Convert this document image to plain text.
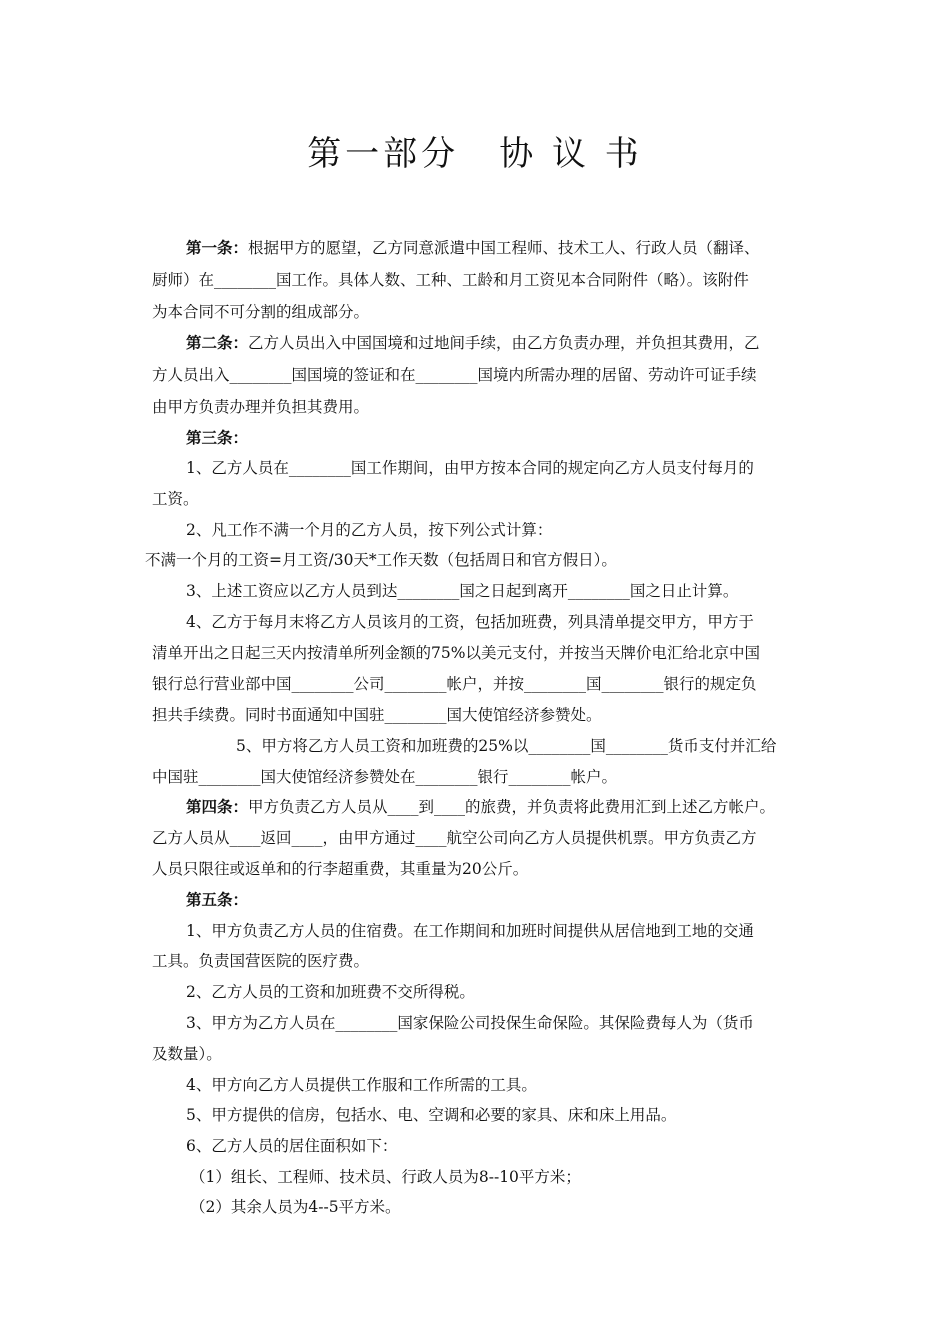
第一部分 协 议 书
第一条：根据甲方的愿望，乙方同意派遣中国工程师、技术工人、行政人员（翻译、
厨师）在________国工作。具体人数、工种、工龄和月工资见本合同附件（略）。该附件
为本合同不可分割的组成部分。
第二条：乙方人员出入中国国境和过地间手续，由乙方负责办理，并负担其费用，乙
方人员出入________国国境的签证和在________国境内所需办理的居留、劳动许可证手续
由甲方负责办理并负担其费用。
第三条：
1、乙方人员在________国工作期间，由甲方按本合同的规定向乙方人员支付每月的
工资。
2、凡工作不满一个月的乙方人员，按下列公式计算：
不满一个月的工资=月工资/30天*工作天数（包括周日和官方假日）。
3、上述工资应以乙方人员到达________国之日起到离开________国之日止计算。
4、乙方于每月末将乙方人员该月的工资，包括加班费，列具清单提交甲方，甲方于
清单开出之日起三天内按清单所列金额的75%以美元支付，并按当天牌价电汇给北京中国
银行总行营业部中国________公司________帐户，并按________国________银行的规定负
担共手续费。同时书面通知中国驻________国大使馆经济参赞处。
5、甲方将乙方人员工资和加班费的25%以________国________货币支付并汇给
中国驻________国大使馆经济参赞处在________银行________帐户。
第四条：甲方负责乙方人员从____到____的旅费，并负责将此费用汇到上述乙方帐户。
乙方人员从____返回____，由甲方通过____航空公司向乙方人员提供机票。甲方负责乙方
人员只限往或返单和的行李超重费，其重量为20公斤。
第五条：
1、甲方负责乙方人员的住宿费。在工作期间和加班时间提供从居信地到工地的交通
工具。负责国营医院的医疗费。
2、乙方人员的工资和加班费不交所得税。
3、甲方为乙方人员在________国家保险公司投保生命保险。其保险费每人为（货币
及数量）。
4、甲方向乙方人员提供工作服和工作所需的工具。
5、甲方提供的信房，包括水、电、空调和必要的家具、床和床上用品。
6、乙方人员的居住面积如下：
（1）组长、工程师、技术员、行政人员为8--10平方米；
（2）其余人员为4--5平方米。
